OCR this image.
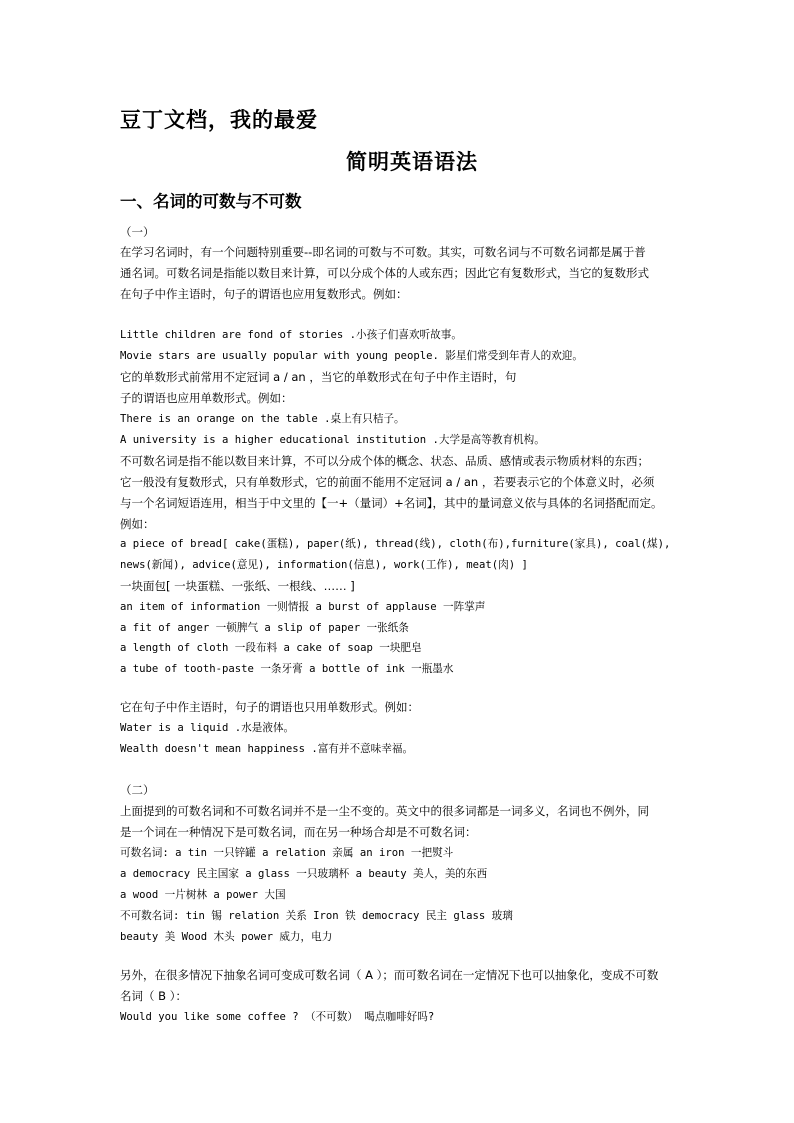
豆丁文档，我的最爱
简明英语语法
一、名词的可数与不可数
（一）
在学习名词时，有一个问题特别重要--即名词的可数与不可数。其实，可数名词与不可数名词都是属于普
通名词。可数名词是指能以数目来计算，可以分成个体的人或东西；因此它有复数形式，当它的复数形式
在句子中作主语时，句子的谓语也应用复数形式。例如：
Little children are fond of stories .小孩子们喜欢听故事。
Movie stars are usually popular with young people. 影星们常受到年青人的欢迎。
它的单数形式前常用不定冠词 a / an ，当它的单数形式在句子中作主语时，句
子的谓语也应用单数形式。例如：
There is an orange on the table .桌上有只桔子。
A university is a higher educational institution .大学是高等教育机构。
不可数名词是指不能以数目来计算，不可以分成个体的概念、状态、品质、感情或表示物质材料的东西；
它一般没有复数形式，只有单数形式，它的前面不能用不定冠词 a / an ，若要表示它的个体意义时，必须
与一个名词短语连用，相当于中文里的【一+（量词）+名词】，其中的量词意义依与具体的名词搭配而定。
例如：
a piece of bread[ cake(蛋糕), paper(纸), thread(线), cloth(布),furniture(家具), coal(煤),
news(新闻), advice(意见), information(信息), work(工作), meat(肉) ]
一块面包[ 一块蛋糕、一张纸、一根线、…… ]
an item of information 一则情报 a burst of applause 一阵掌声
a fit of anger 一顿脾气 a slip of paper 一张纸条
a length of cloth 一段布料 a cake of soap 一块肥皂
a tube of tooth-paste 一条牙膏 a bottle of ink 一瓶墨水
它在句子中作主语时，句子的谓语也只用单数形式。例如：
Water is a liquid .水是液体。
Wealth doesn't mean happiness .富有并不意味幸福。
（二）
上面提到的可数名词和不可数名词并不是一尘不变的。英文中的很多词都是一词多义，名词也不例外，同
是一个词在一种情况下是可数名词，而在另一种场合却是不可数名词：
可数名词: a tin 一只锌罐 a relation 亲属 an iron 一把熨斗
a democracy 民主国家 a glass 一只玻璃杯 a beauty 美人，美的东西
a wood 一片树林 a power 大国
不可数名词: tin 锡 relation 关系 Iron 铁 democracy 民主 glass 玻璃
beauty 美 Wood 木头 power 威力，电力
另外，在很多情况下抽象名词可变成可数名词（ A ）；而可数名词在一定情况下也可以抽象化，变成不可数
名词（ B ）：
Would you like some coffee ? （不可数） 喝点咖啡好吗?
